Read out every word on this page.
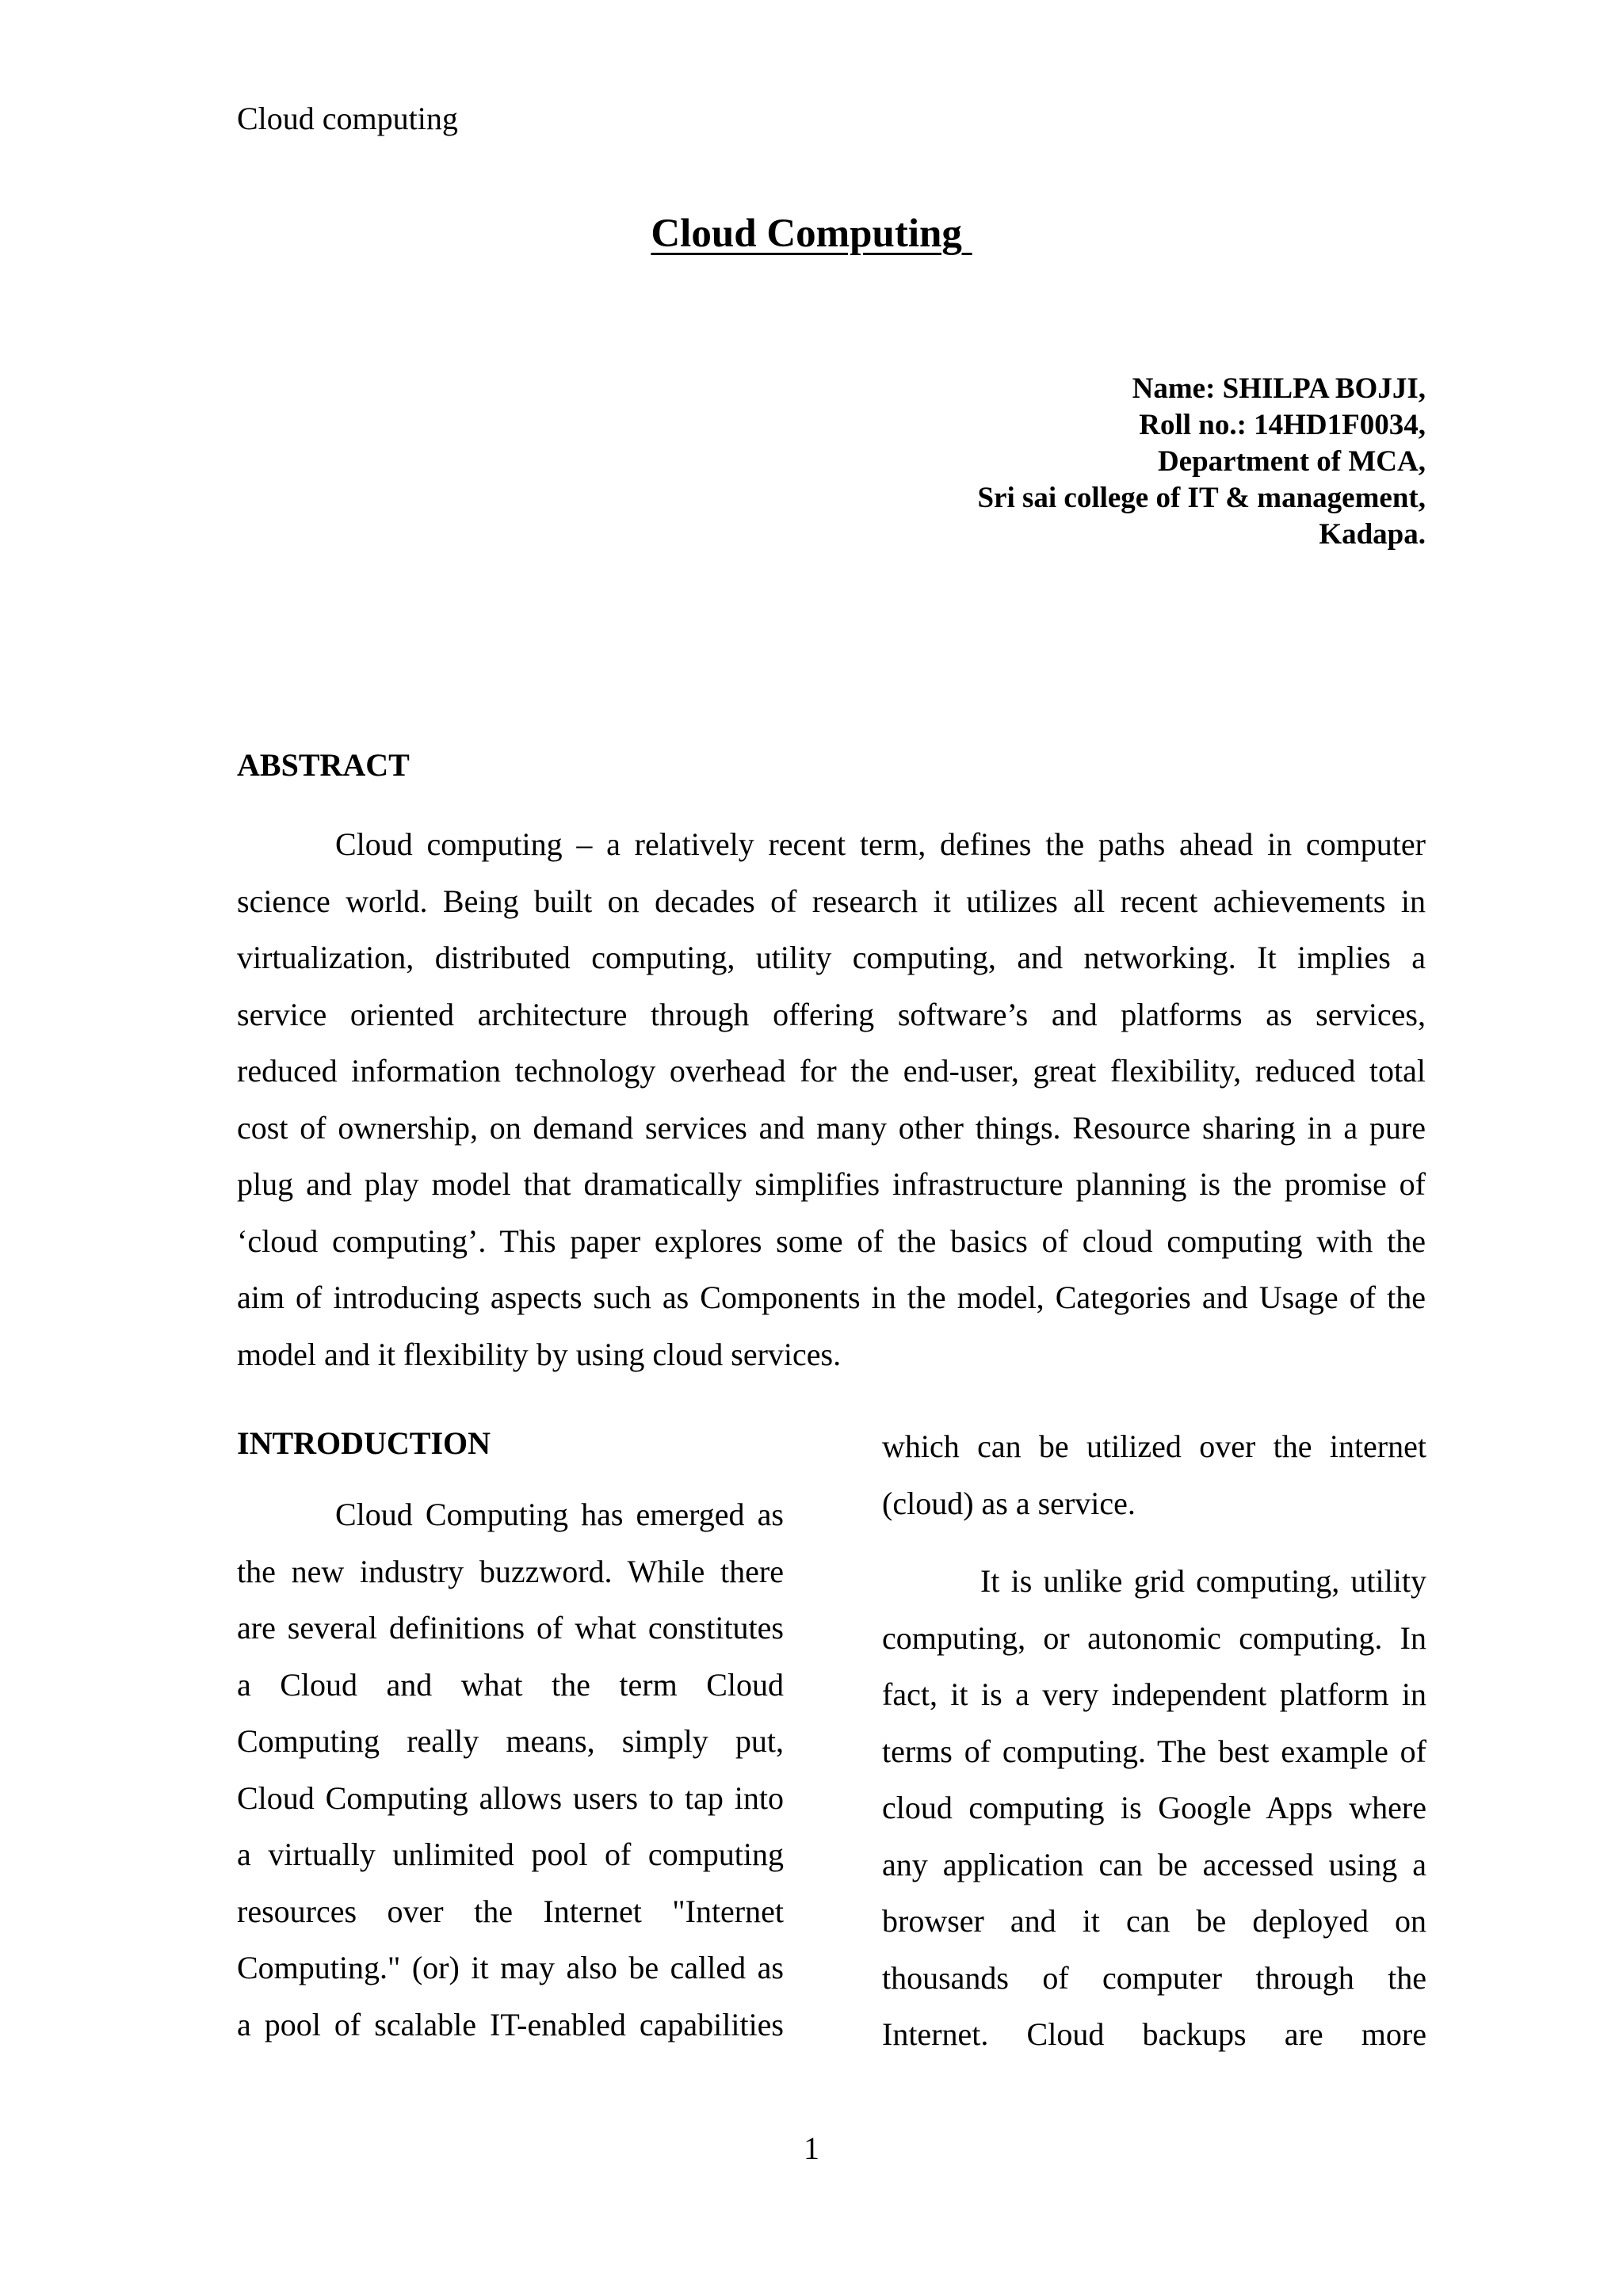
Cloud computing
Cloud Computing
Name: SHILPA BOJJI,
Roll no.: 14HD1F0034,
Department of MCA,
Sri sai college of IT & management,
Kadapa.
ABSTRACT
Cloud computing – a relatively recent term, defines the paths ahead in computer
science world. Being built on decades of research it utilizes all recent achievements in
virtualization, distributed computing, utility computing, and networking. It implies a
service oriented architecture through offering software’s and platforms as services,
reduced information technology overhead for the end-user, great flexibility, reduced total
cost of ownership, on demand services and many other things. Resource sharing in a pure
plug and play model that dramatically simplifies infrastructure planning is the promise of
‘cloud computing’. This paper explores some of the basics of cloud computing with the
aim of introducing aspects such as Components in the model, Categories and Usage of the
model and it flexibility by using cloud services.
INTRODUCTION
Cloud Computing has emerged as
the new industry buzzword. While there
are several definitions of what constitutes
a Cloud and what the term Cloud
Computing really means, simply put,
Cloud Computing allows users to tap into
a virtually unlimited pool of computing
resources over the Internet "Internet
Computing." (or) it may also be called as
a pool of scalable IT-enabled capabilities
which can be utilized over the internet
(cloud) as a service.
It is unlike grid computing, utility
computing, or autonomic computing. In
fact, it is a very independent platform in
terms of computing. The best example of
cloud computing is Google Apps where
any application can be accessed using a
browser and it can be deployed on
thousands of computer through the
Internet. Cloud backups are more
1
